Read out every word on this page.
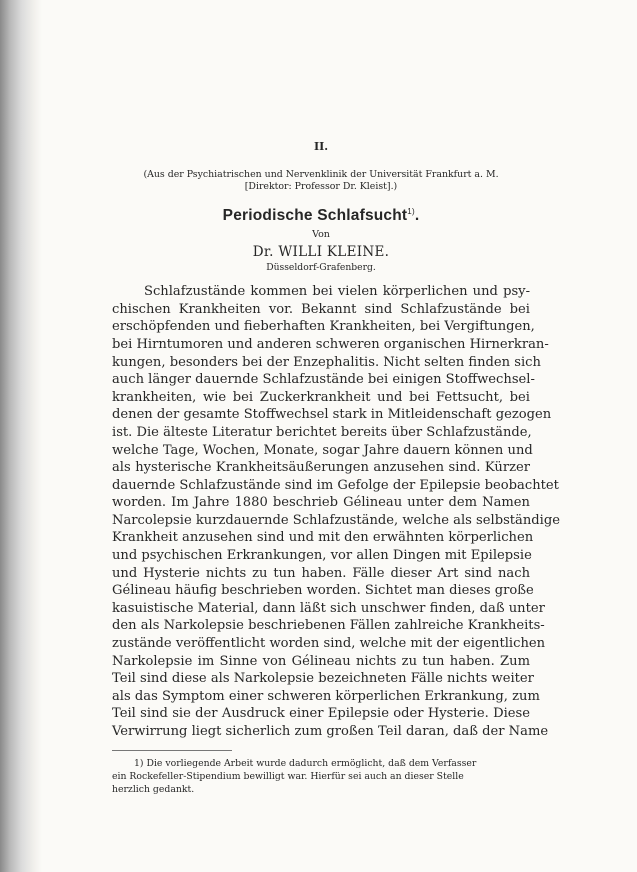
II.

(Aus der Psychiatrischen und Nervenklinik der Universität Frankfurt a. M.
[Direktor: Professor Dr. Kleist].)

Periodische Schlafsucht$^{1)}$.

Von

Dr. WILLI KLEINE.

Düsseldorf-Grafenberg.

Schlafzustände kommen bei vielen körperlichen und psy-
chischen Krankheiten vor. Bekannt sind Schlafzustände bei
erschöpfenden und fieberhaften Krankheiten, bei Vergiftungen,
bei Hirntumoren und anderen schweren organischen Hirnerkran-
kungen, besonders bei der Enzephalitis. Nicht selten finden sich
auch länger dauernde Schlafzustände bei einigen Stoffwechsel-
krankheiten, wie bei Zuckerkrankheit und bei Fettsucht, bei
denen der gesamte Stoffwechsel stark in Mitleidenschaft gezogen
ist. Die älteste Literatur berichtet bereits über Schlafzustände,
welche Tage, Wochen, Monate, sogar Jahre dauern können und
als hysterische Krankheitsäußerungen anzusehen sind. Kürzer
dauernde Schlafzustände sind im Gefolge der Epilepsie beobachtet
worden. Im Jahre 1880 beschrieb Gélineau unter dem Namen
Narcolepsie kurzdauernde Schlafzustände, welche als selbständige
Krankheit anzusehen sind und mit den erwähnten körperlichen
und psychischen Erkrankungen, vor allen Dingen mit Epilepsie
und Hysterie nichts zu tun haben. Fälle dieser Art sind nach
Gélineau häufig beschrieben worden. Sichtet man dieses große
kasuistische Material, dann läßt sich unschwer finden, daß unter
den als Narkolepsie beschriebenen Fällen zahlreiche Krankheits-
zustände veröffentlicht worden sind, welche mit der eigentlichen
Narkolepsie im Sinne von Gélineau nichts zu tun haben. Zum
Teil sind diese als Narkolepsie bezeichneten Fälle nichts weiter
als das Symptom einer schweren körperlichen Erkrankung, zum
Teil sind sie der Ausdruck einer Epilepsie oder Hysterie. Diese
Verwirrung liegt sicherlich zum großen Teil daran, daß der Name
1) Die vorliegende Arbeit wurde dadurch ermöglicht, daß dem Verfasser
ein Rockefeller-Stipendium bewilligt war. Hierfür sei auch an dieser Stelle
herzlich gedankt.
